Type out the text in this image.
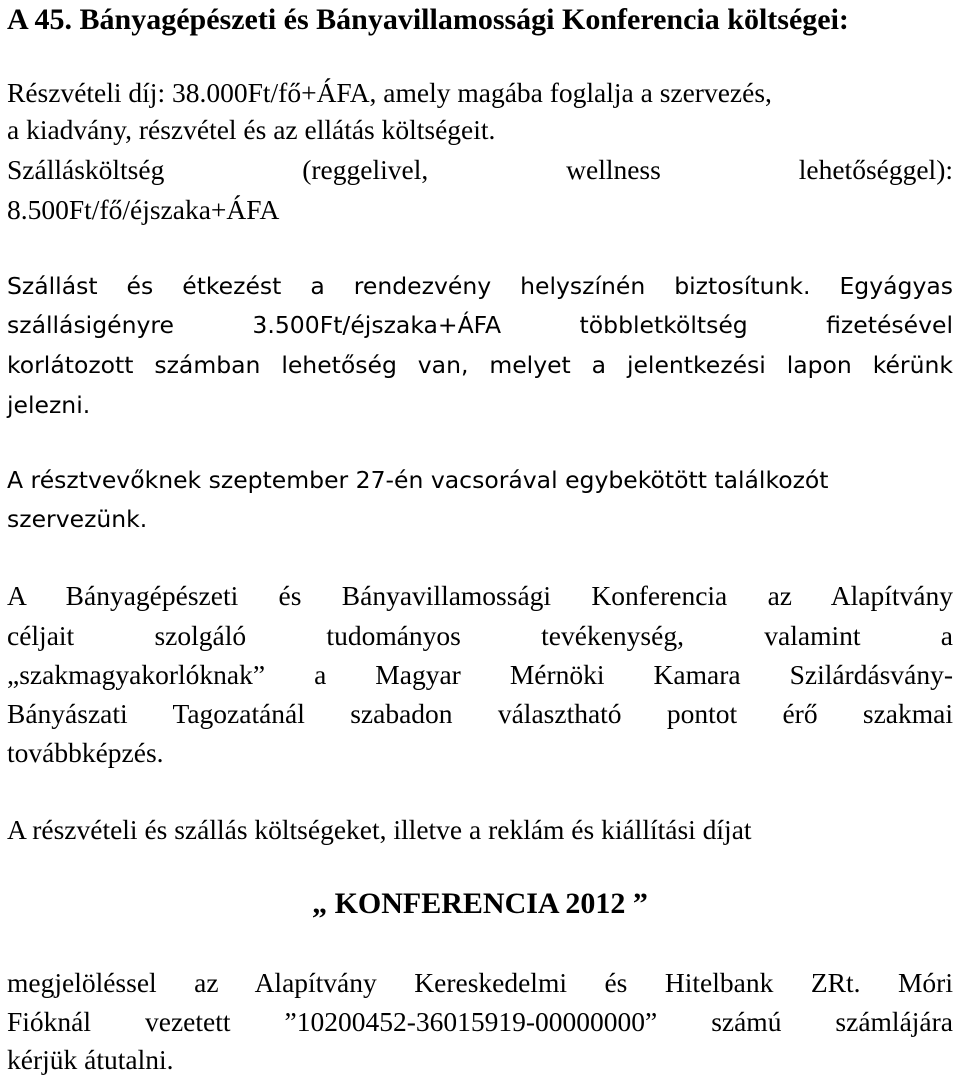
A 45. Bányagépészeti és Bányavillamossági Konferencia költségei:

Részvételi díj: 38.000Ft/fő+ÁFA, amely magába foglalja a szervezés,

a kiadvány, részvétel és az ellátás költségeit.

Szállásköltség (reggelivel, wellness lehetőséggel):

8.500Ft/fő/éjszaka+ÁFA

Szállást és étkezést a rendezvény helyszínén biztosítunk. Egyágyas

szállásigényre 3.500Ft/éjszaka+ÁFA többletköltség fizetésével

korlátozott számban lehetőség van, melyet a jelentkezési lapon kérünk

jelezni.

A résztvevőknek szeptember 27-én vacsorával egybekötött találkozót

szervezünk.

A Bányagépészeti és Bányavillamossági Konferencia az Alapítvány

céljait szolgáló tudományos tevékenység, valamint a

„szakmagyakorlóknak” a Magyar Mérnöki Kamara Szilárdásvány-

Bányászati Tagozatánál szabadon választható pontot érő szakmai

továbbképzés.

A részvételi és szállás költségeket, illetve a reklám és kiállítási díjat

„ KONFERENCIA 2012 ”

megjelöléssel az Alapítvány Kereskedelmi és Hitelbank ZRt. Móri

Fióknál vezetett ”10200452-36015919-00000000” számú számlájára

kérjük átutalni.
